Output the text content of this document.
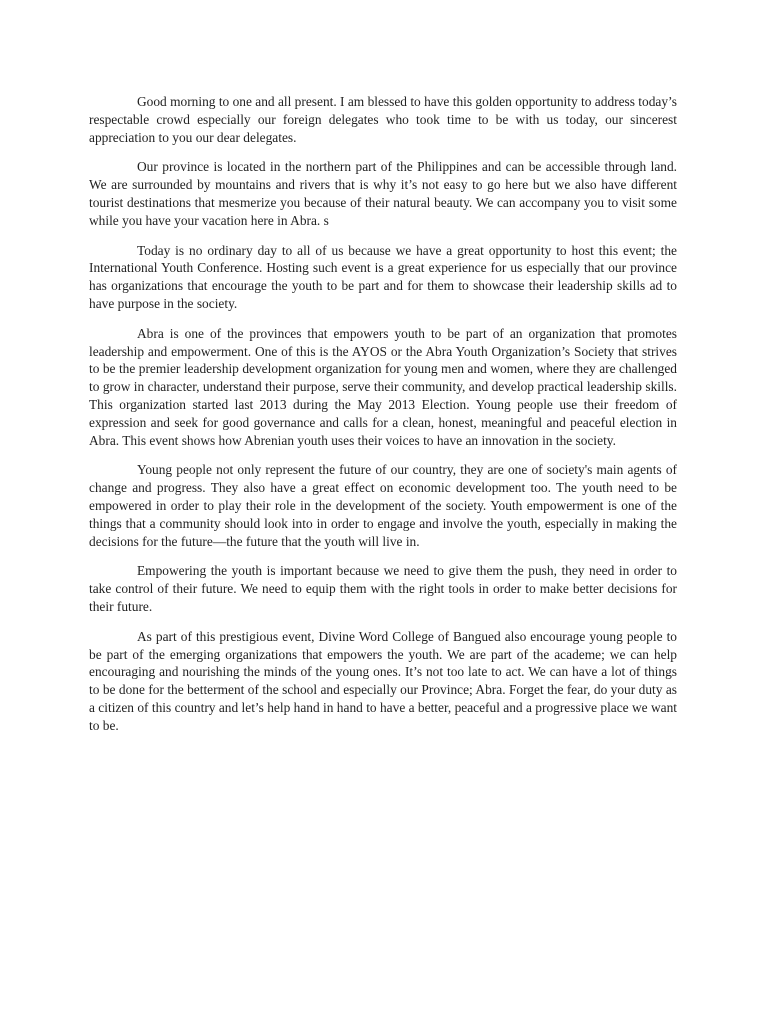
Good morning to one and all present. I am blessed to have this golden opportunity to address today’s respectable crowd especially our foreign delegates who took time to be with us today, our sincerest appreciation to you our dear delegates.

Our province is located in the northern part of the Philippines and can be accessible through land. We are surrounded by mountains and rivers that is why it’s not easy to go here but we also have different tourist destinations that mesmerize you because of their natural beauty. We can accompany you to visit some while you have your vacation here in Abra. s

Today is no ordinary day to all of us because we have a great opportunity to host this event; the International Youth Conference. Hosting such event is a great experience for us especially that our province has organizations that encourage the youth to be part and for them to showcase their leadership skills ad to have purpose in the society.

Abra is one of the provinces that empowers youth to be part of an organization that promotes leadership and empowerment. One of this is the AYOS or the Abra Youth Organization’s Society that strives to be the premier leadership development organization for young men and women, where they are challenged to grow in character, understand their purpose, serve their community, and develop practical leadership skills. This organization started last 2013 during the May 2013 Election. Young people use their freedom of expression and seek for good governance and calls for a clean, honest, meaningful and peaceful election in Abra. This event shows how Abrenian youth uses their voices to have an innovation in the society.

Young people not only represent the future of our country, they are one of society's main agents of change and progress. They also have a great effect on economic development too. The youth need to be empowered in order to play their role in the development of the society. Youth empowerment is one of the things that a community should look into in order to engage and involve the youth, especially in making the decisions for the future—the future that the youth will live in.

Empowering the youth is important because we need to give them the push, they need in order to take control of their future. We need to equip them with the right tools in order to make better decisions for their future.

As part of this prestigious event, Divine Word College of Bangued also encourage young people to be part of the emerging organizations that empowers the youth. We are part of the academe; we can help encouraging and nourishing the minds of the young ones. It’s not too late to act. We can have a lot of things to be done for the betterment of the school and especially our Province; Abra. Forget the fear, do your duty as a citizen of this country and let’s help hand in hand to have a better, peaceful and a progressive place we want to be.
